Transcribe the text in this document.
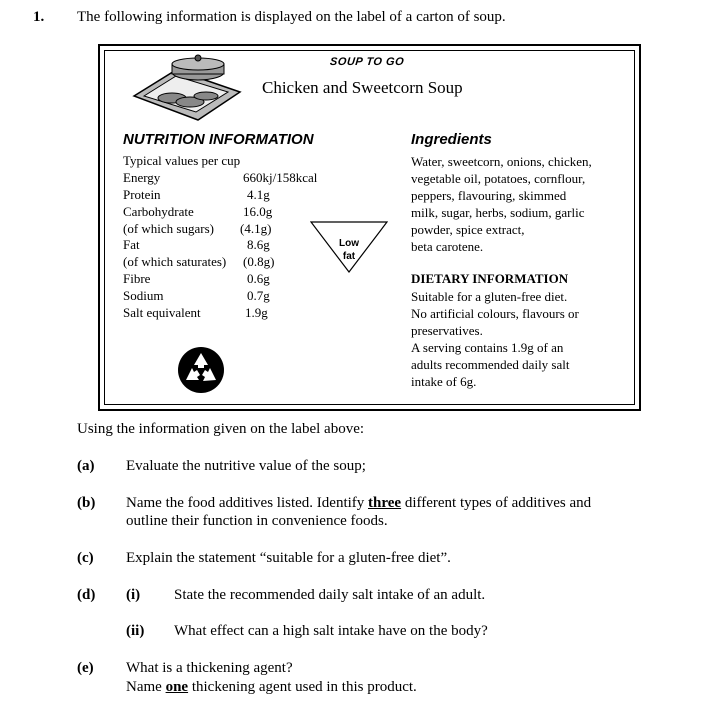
1. The following information is displayed on the label of a carton of soup.
SOUP TO GO
Chicken and Sweetcorn Soup
NUTRITION INFORMATION
Typical values per cup
Energy	660kj/158kcal
Protein	4.1g
Carbohydrate	16.0g
(of which sugars) (4.1g)
Fat	8.6g
(of which saturates) (0.8g)
Fibre	0.6g
Sodium	0.7g
Salt equivalent	1.9g
Low
fat
Ingredients
Water, sweetcorn, onions, chicken,
vegetable oil, potatoes, cornflour,
peppers, flavouring, skimmed
milk, sugar, herbs, sodium, garlic
powder, spice extract,
beta carotene.
DIETARY INFORMATION
Suitable for a gluten-free diet.
No artificial colours, flavours or
preservatives.
A serving contains 1.9g of an
adults recommended daily salt
intake of 6g.
Using the information given on the label above:
(a) Evaluate the nutritive value of the soup;
(b) Name the food additives listed. Identify three different types of additives and
outline their function in convenience foods.
(c) Explain the statement “suitable for a gluten-free diet”.
(d) (i) State the recommended daily salt intake of an adult.
(ii) What effect can a high salt intake have on the body?
(e) What is a thickening agent?
Name one thickening agent used in this product.
